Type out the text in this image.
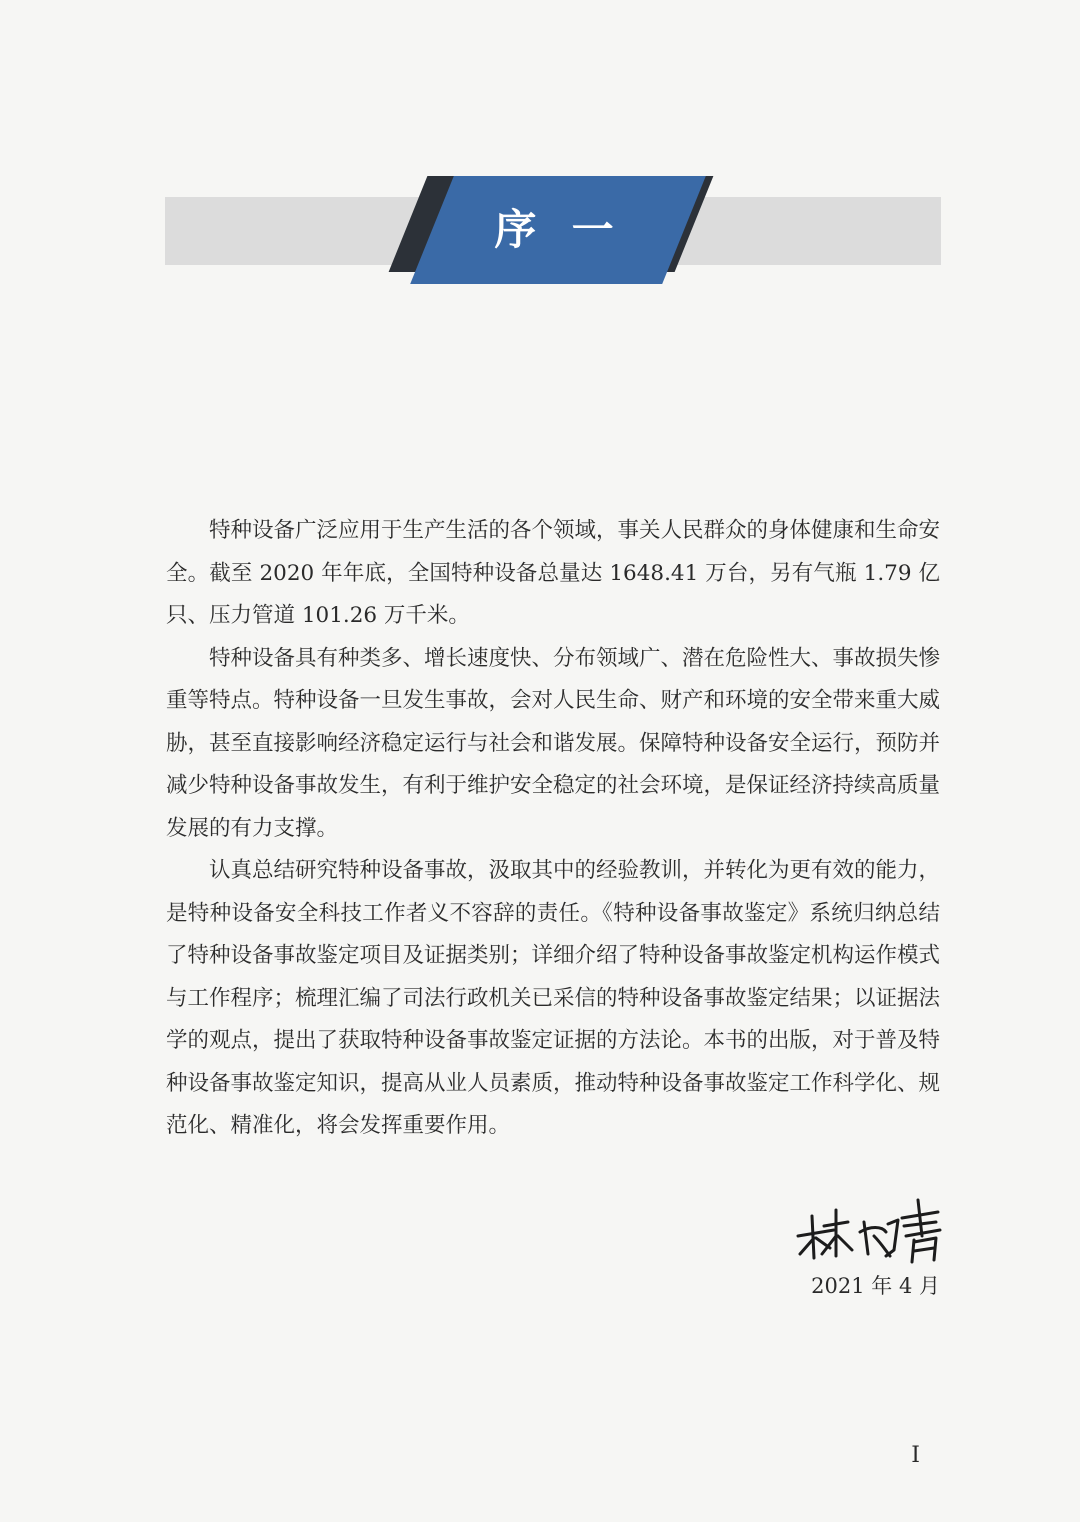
序  一

特种设备广泛应用于生产生活的各个领域，事关人民群众的身体健康和生命安全。截至 2020 年年底，全国特种设备总量达 1648.41 万台，另有气瓶 1.79 亿只、压力管道 101.26 万千米。

特种设备具有种类多、增长速度快、分布领域广、潜在危险性大、事故损失惨重等特点。特种设备一旦发生事故，会对人民生命、财产和环境的安全带来重大威胁，甚至直接影响经济稳定运行与社会和谐发展。保障特种设备安全运行，预防并减少特种设备事故发生，有利于维护安全稳定的社会环境，是保证经济持续高质量发展的有力支撑。

认真总结研究特种设备事故，汲取其中的经验教训，并转化为更有效的能力，是特种设备安全科技工作者义不容辞的责任。《特种设备事故鉴定》系统归纳总结了特种设备事故鉴定项目及证据类别；详细介绍了特种设备事故鉴定机构运作模式与工作程序；梳理汇编了司法行政机关已采信的特种设备事故鉴定结果；以证据法学的观点，提出了获取特种设备事故鉴定证据的方法论。本书的出版，对于普及特种设备事故鉴定知识，提高从业人员素质，推动特种设备事故鉴定工作科学化、规范化、精准化，将会发挥重要作用。

2021 年 4 月
I
